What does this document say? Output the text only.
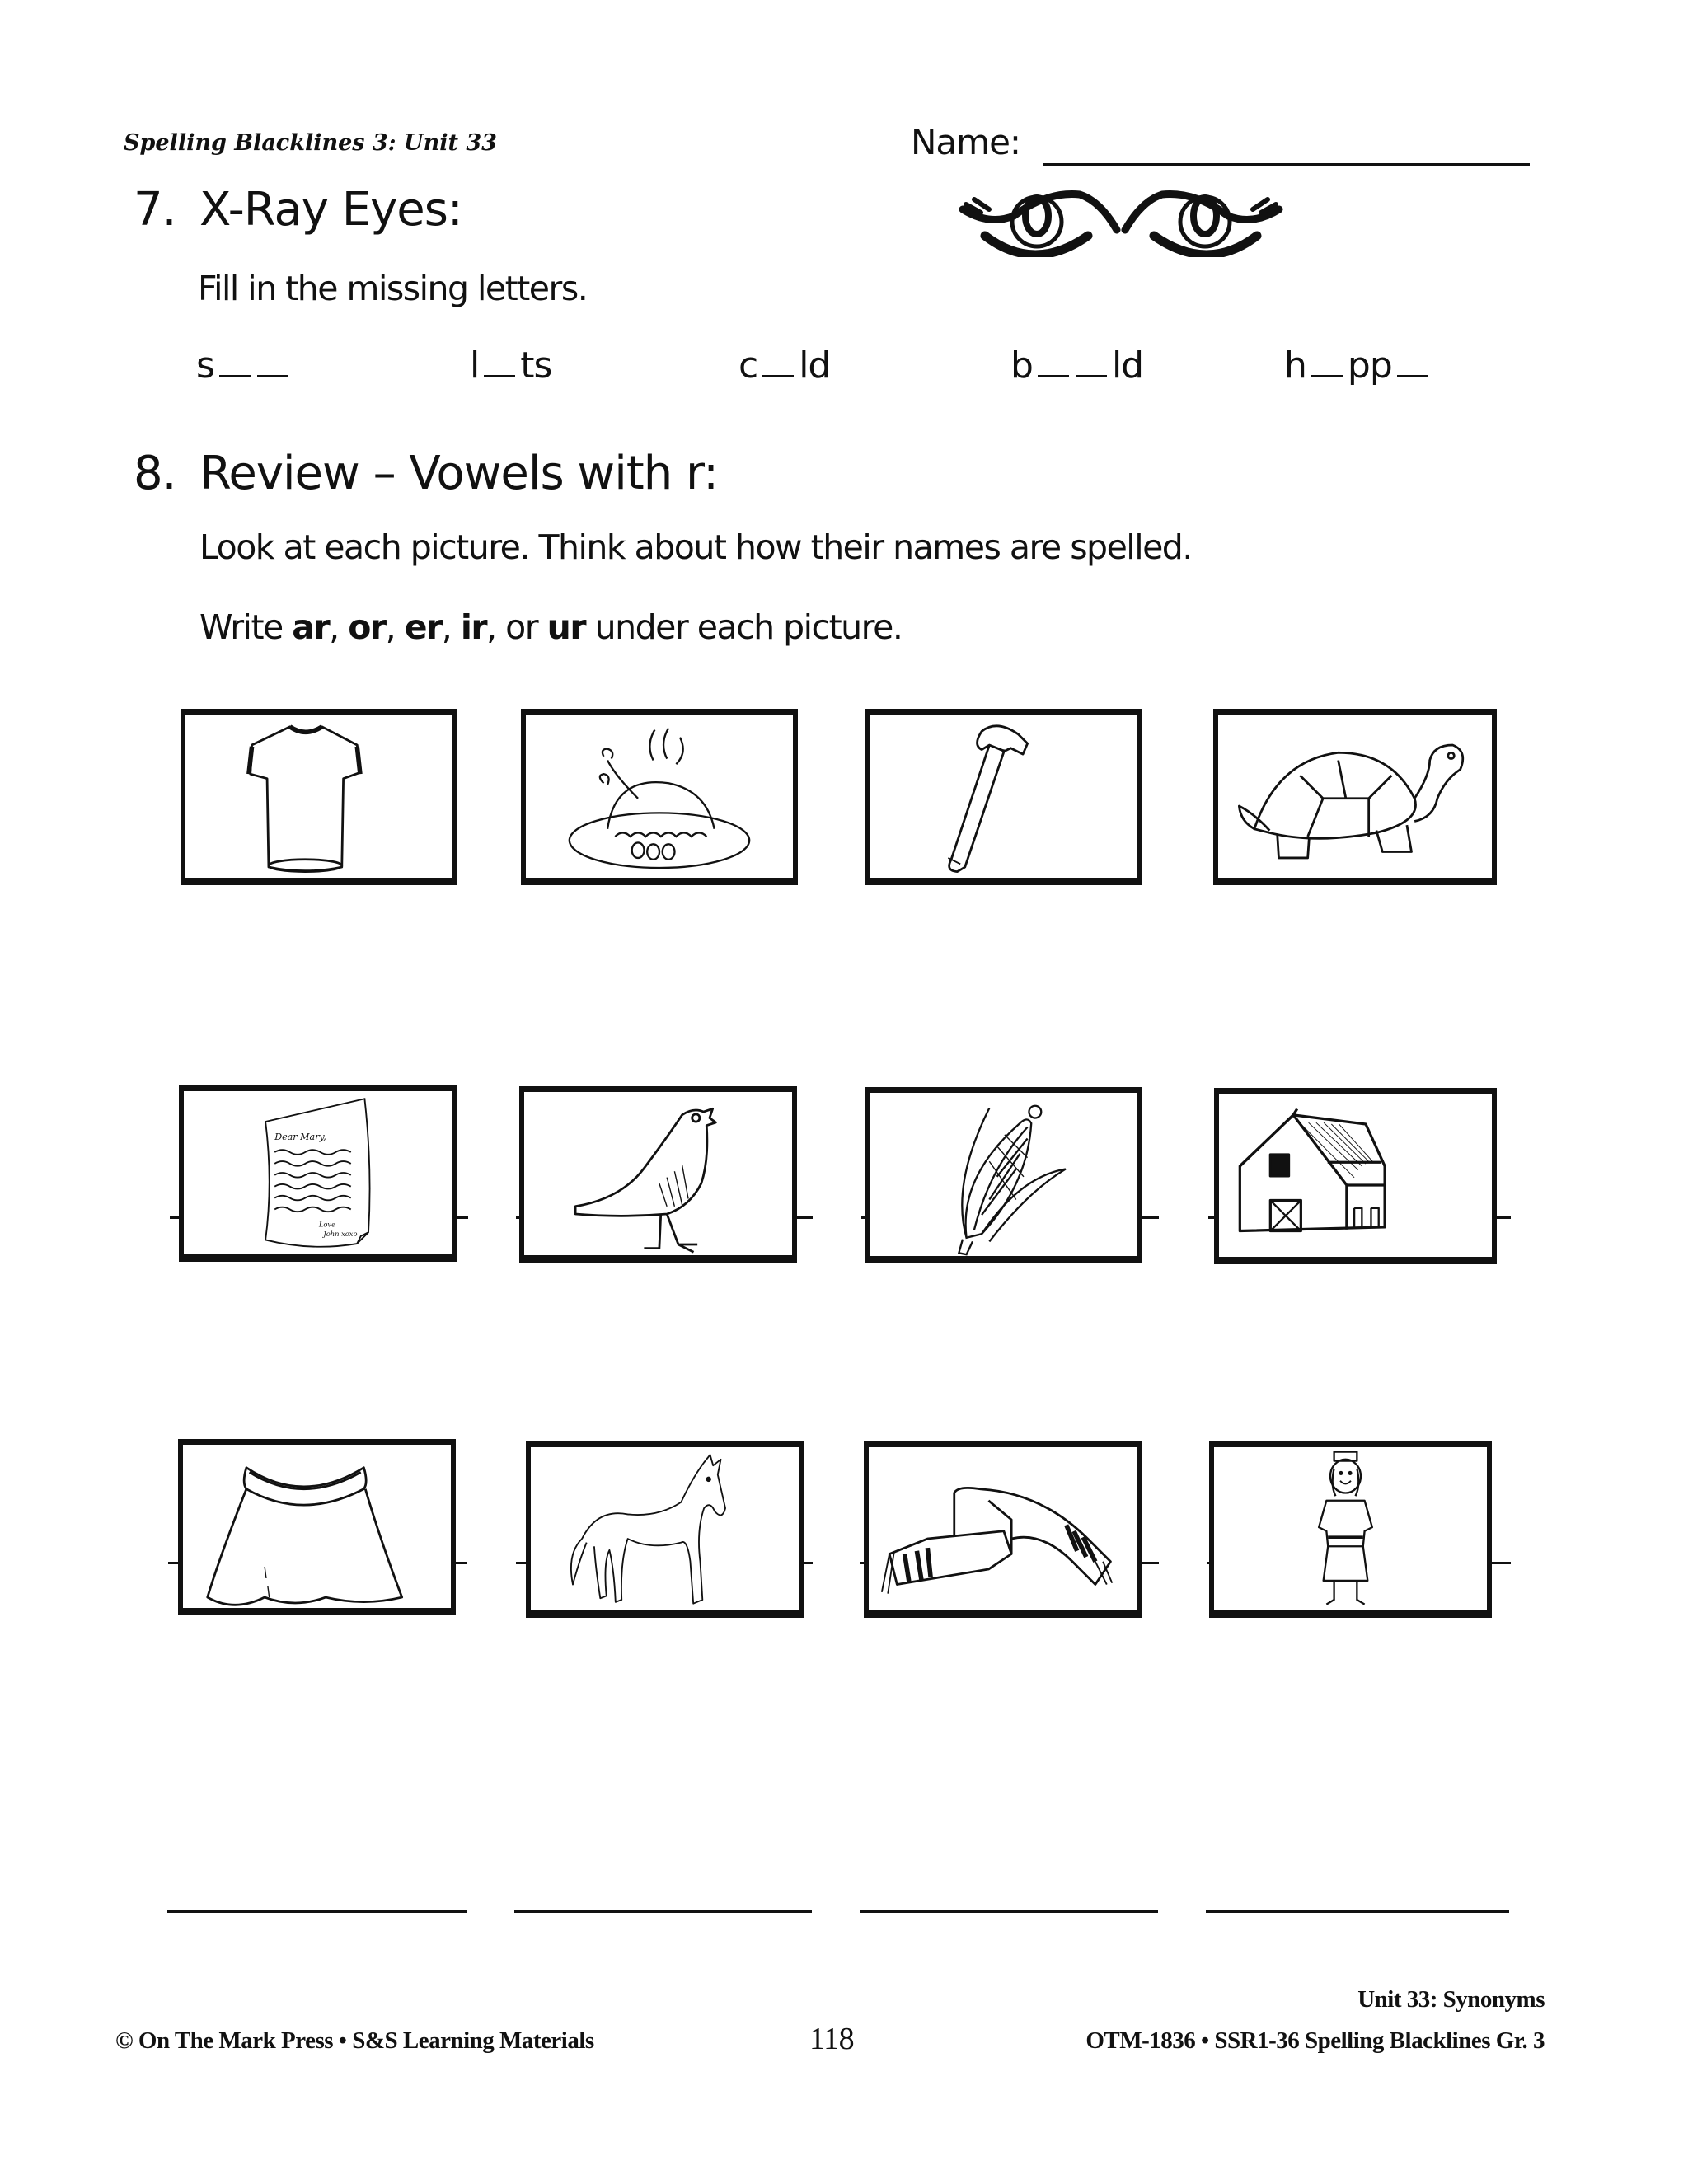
Spelling Blacklines 3: Unit 33	Name:
7. X-Ray Eyes:
Fill in the missing letters.
s	l ts	c ld	b ld	h pp
8. Review – Vowels with r:
Look at each picture. Think about how their names are spelled.
Write ar, or, er, ir, or ur under each picture.
Dear Mary,
Love
John xoxo
Unit 33: Synonyms
© On The Mark Press • S&S Learning Materials	118	OTM-1836 • SSR1-36 Spelling Blacklines Gr. 3
